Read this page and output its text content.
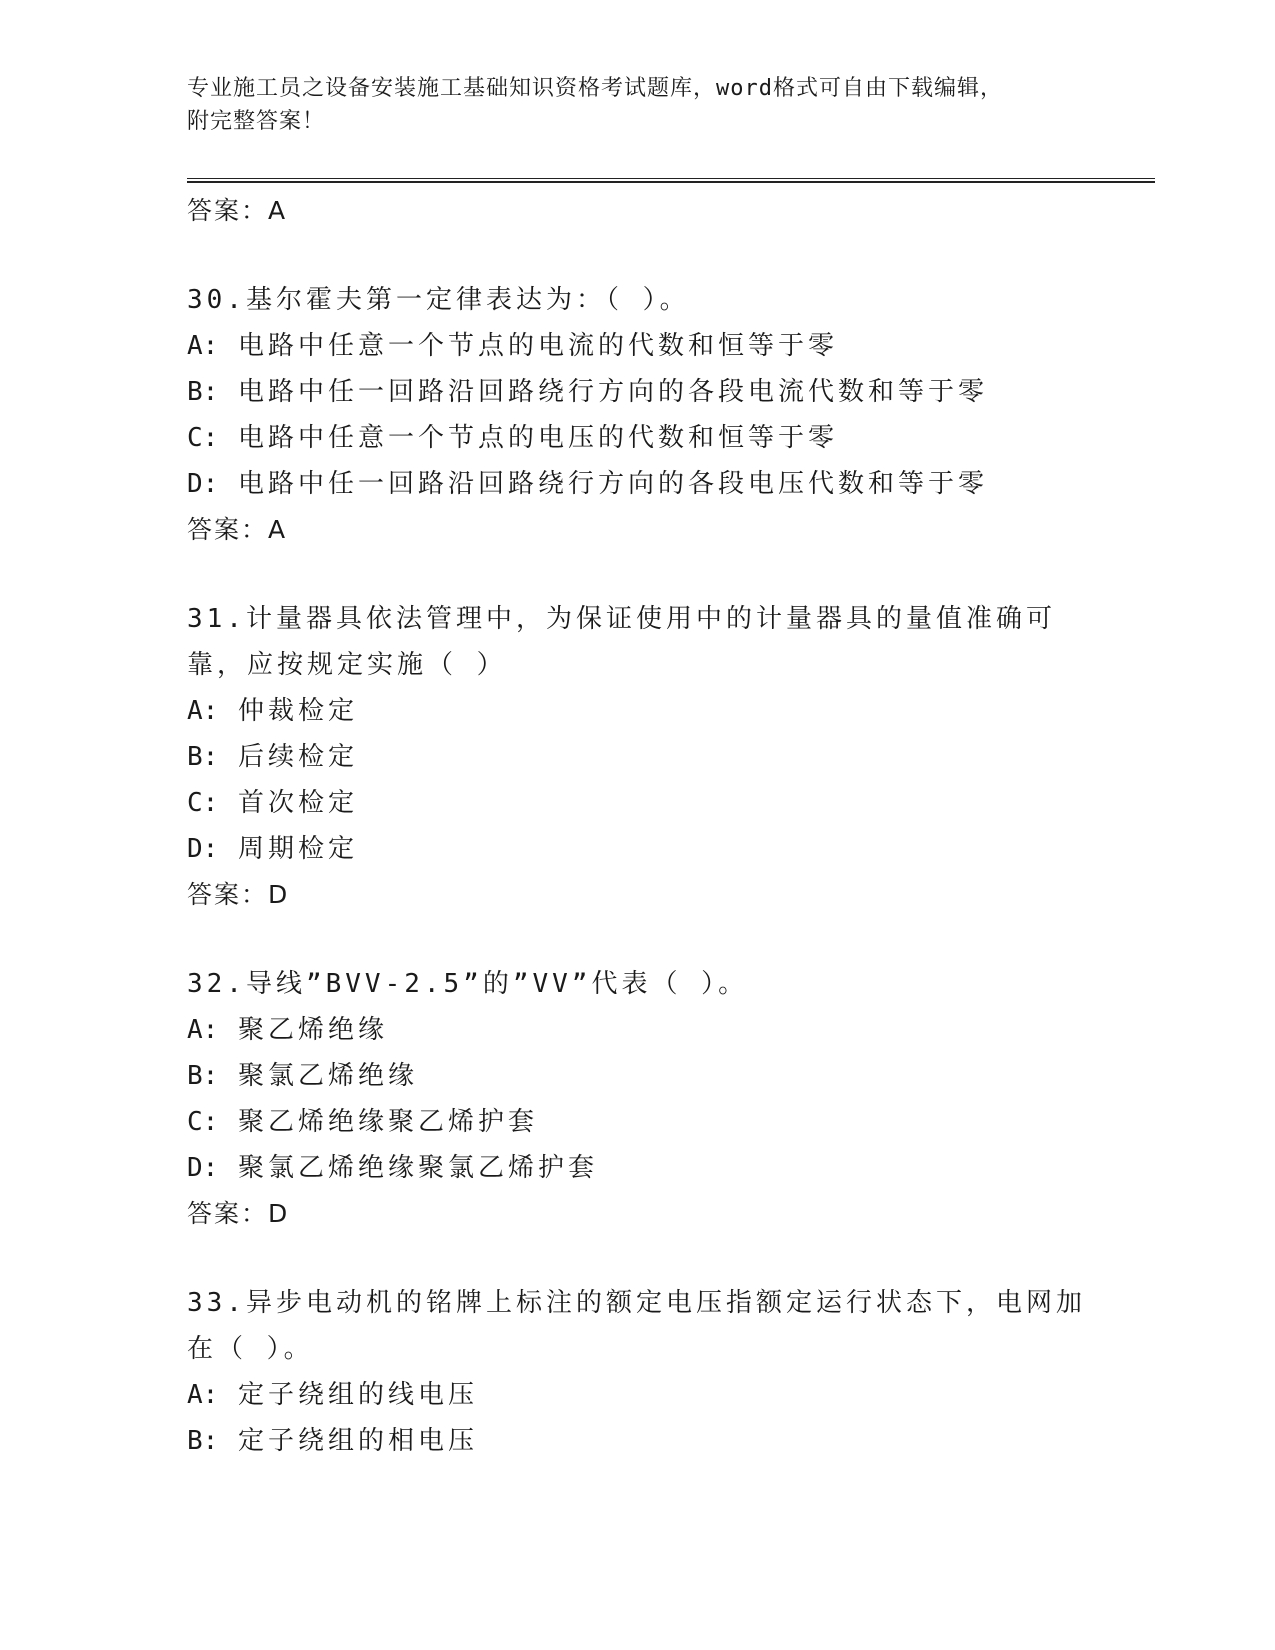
专业施工员之设备安装施工基础知识资格考试题库，word格式可自由下载编辑，
附完整答案！
答案：A
30.基尔霍夫第一定律表达为：（ ）。
A: 电路中任意一个节点的电流的代数和恒等于零
B: 电路中任一回路沿回路绕行方向的各段电流代数和等于零
C: 电路中任意一个节点的电压的代数和恒等于零
D: 电路中任一回路沿回路绕行方向的各段电压代数和等于零
答案：A
31.计量器具依法管理中，为保证使用中的计量器具的量值准确可靠，应按规定实施（ ）
A: 仲裁检定
B: 后续检定
C: 首次检定
D: 周期检定
答案：D
32.导线”BVV-2.5”的”VV”代表（ ）。
A: 聚乙烯绝缘
B: 聚氯乙烯绝缘
C: 聚乙烯绝缘聚乙烯护套
D: 聚氯乙烯绝缘聚氯乙烯护套
答案：D
33.异步电动机的铭牌上标注的额定电压指额定运行状态下，电网加在（ ）。
A: 定子绕组的线电压
B: 定子绕组的相电压
